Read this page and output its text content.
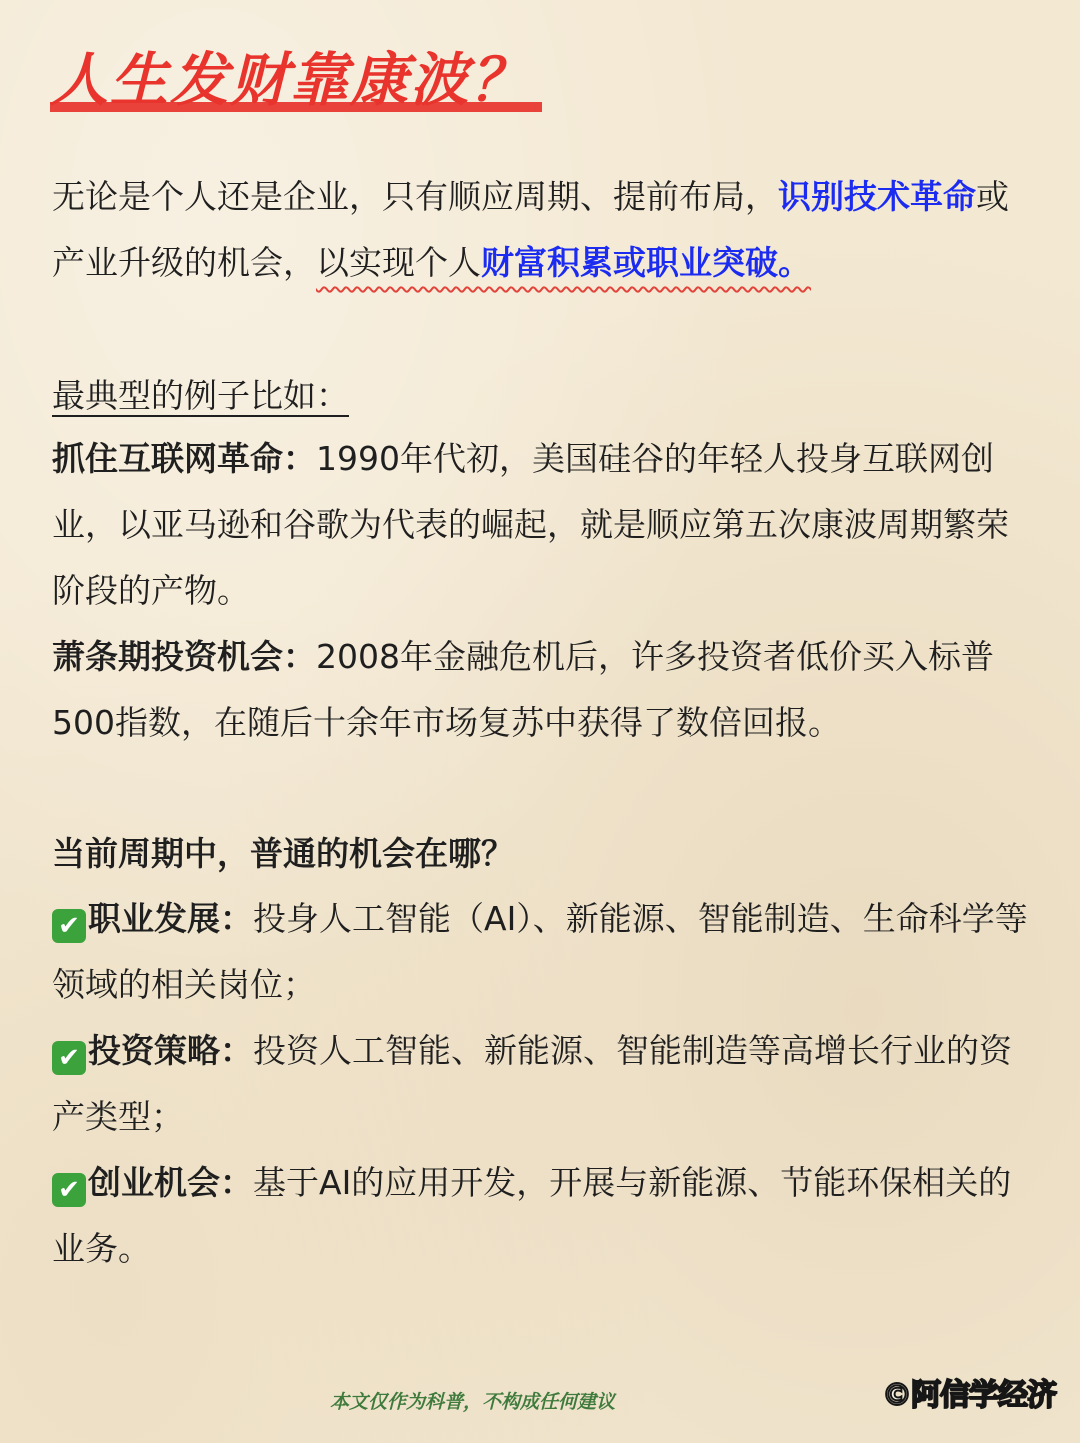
人生发财靠康波？
无论是个人还是企业，只有顺应周期、提前布局，识别技术革命或产业升级的机会，以实现个人财富积累或职业突破。
最典型的例子比如：

抓住互联网革命：1990年代初，美国硅谷的年轻人投身互联网创业，以亚马逊和谷歌为代表的崛起，就是顺应第五次康波周期繁荣阶段的产物。

萧条期投资机会：2008年金融危机后，许多投资者低价买入标普500指数，在随后十余年市场复苏中获得了数倍回报。

当前周期中，普通的机会在哪？

✔ 职业发展：投身人工智能（AI）、新能源、智能制造、生命科学等领域的相关岗位；

✔ 投资策略：投资人工智能、新能源、智能制造等高增长行业的资产类型；

✔ 创业机会：基于AI的应用开发，开展与新能源、节能环保相关的业务。

本文仅作为科普，不构成任何建议	©阿信学经济
